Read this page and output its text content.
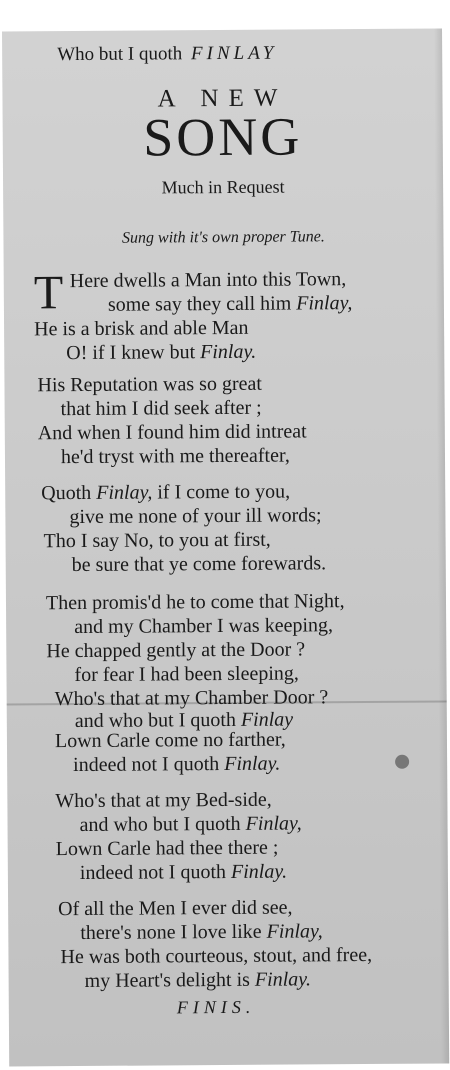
Who but I quoth FINLAY
A NEW
SONG
Much in Request
Sung with it's own proper Tune.
T Here dwells a Man into this Town,
some say they call him Finlay,
He is a brisk and able Man
O! if I knew but Finlay.
His Reputation was so great
that him I did seek after ;
And when I found him did intreat
he'd tryst with me thereafter,
Quoth Finlay, if I come to you,
give me none of your ill words;
Tho I say No, to you at first,
be sure that ye come forewards.
Then promis'd he to come that Night,
and my Chamber I was keeping,
He chapped gently at the Door ?
for fear I had been sleeping,
Who's that at my Chamber Door ?
and who but I quoth Finlay
Lown Carle come no farther,
indeed not I quoth Finlay.
Who's that at my Bed-side,
and who but I quoth Finlay,
Lown Carle had thee there ;
indeed not I quoth Finlay.
Of all the Men I ever did see,
there's none I love like Finlay,
He was both courteous, stout, and free,
my Heart's delight is Finlay.
FINIS.
